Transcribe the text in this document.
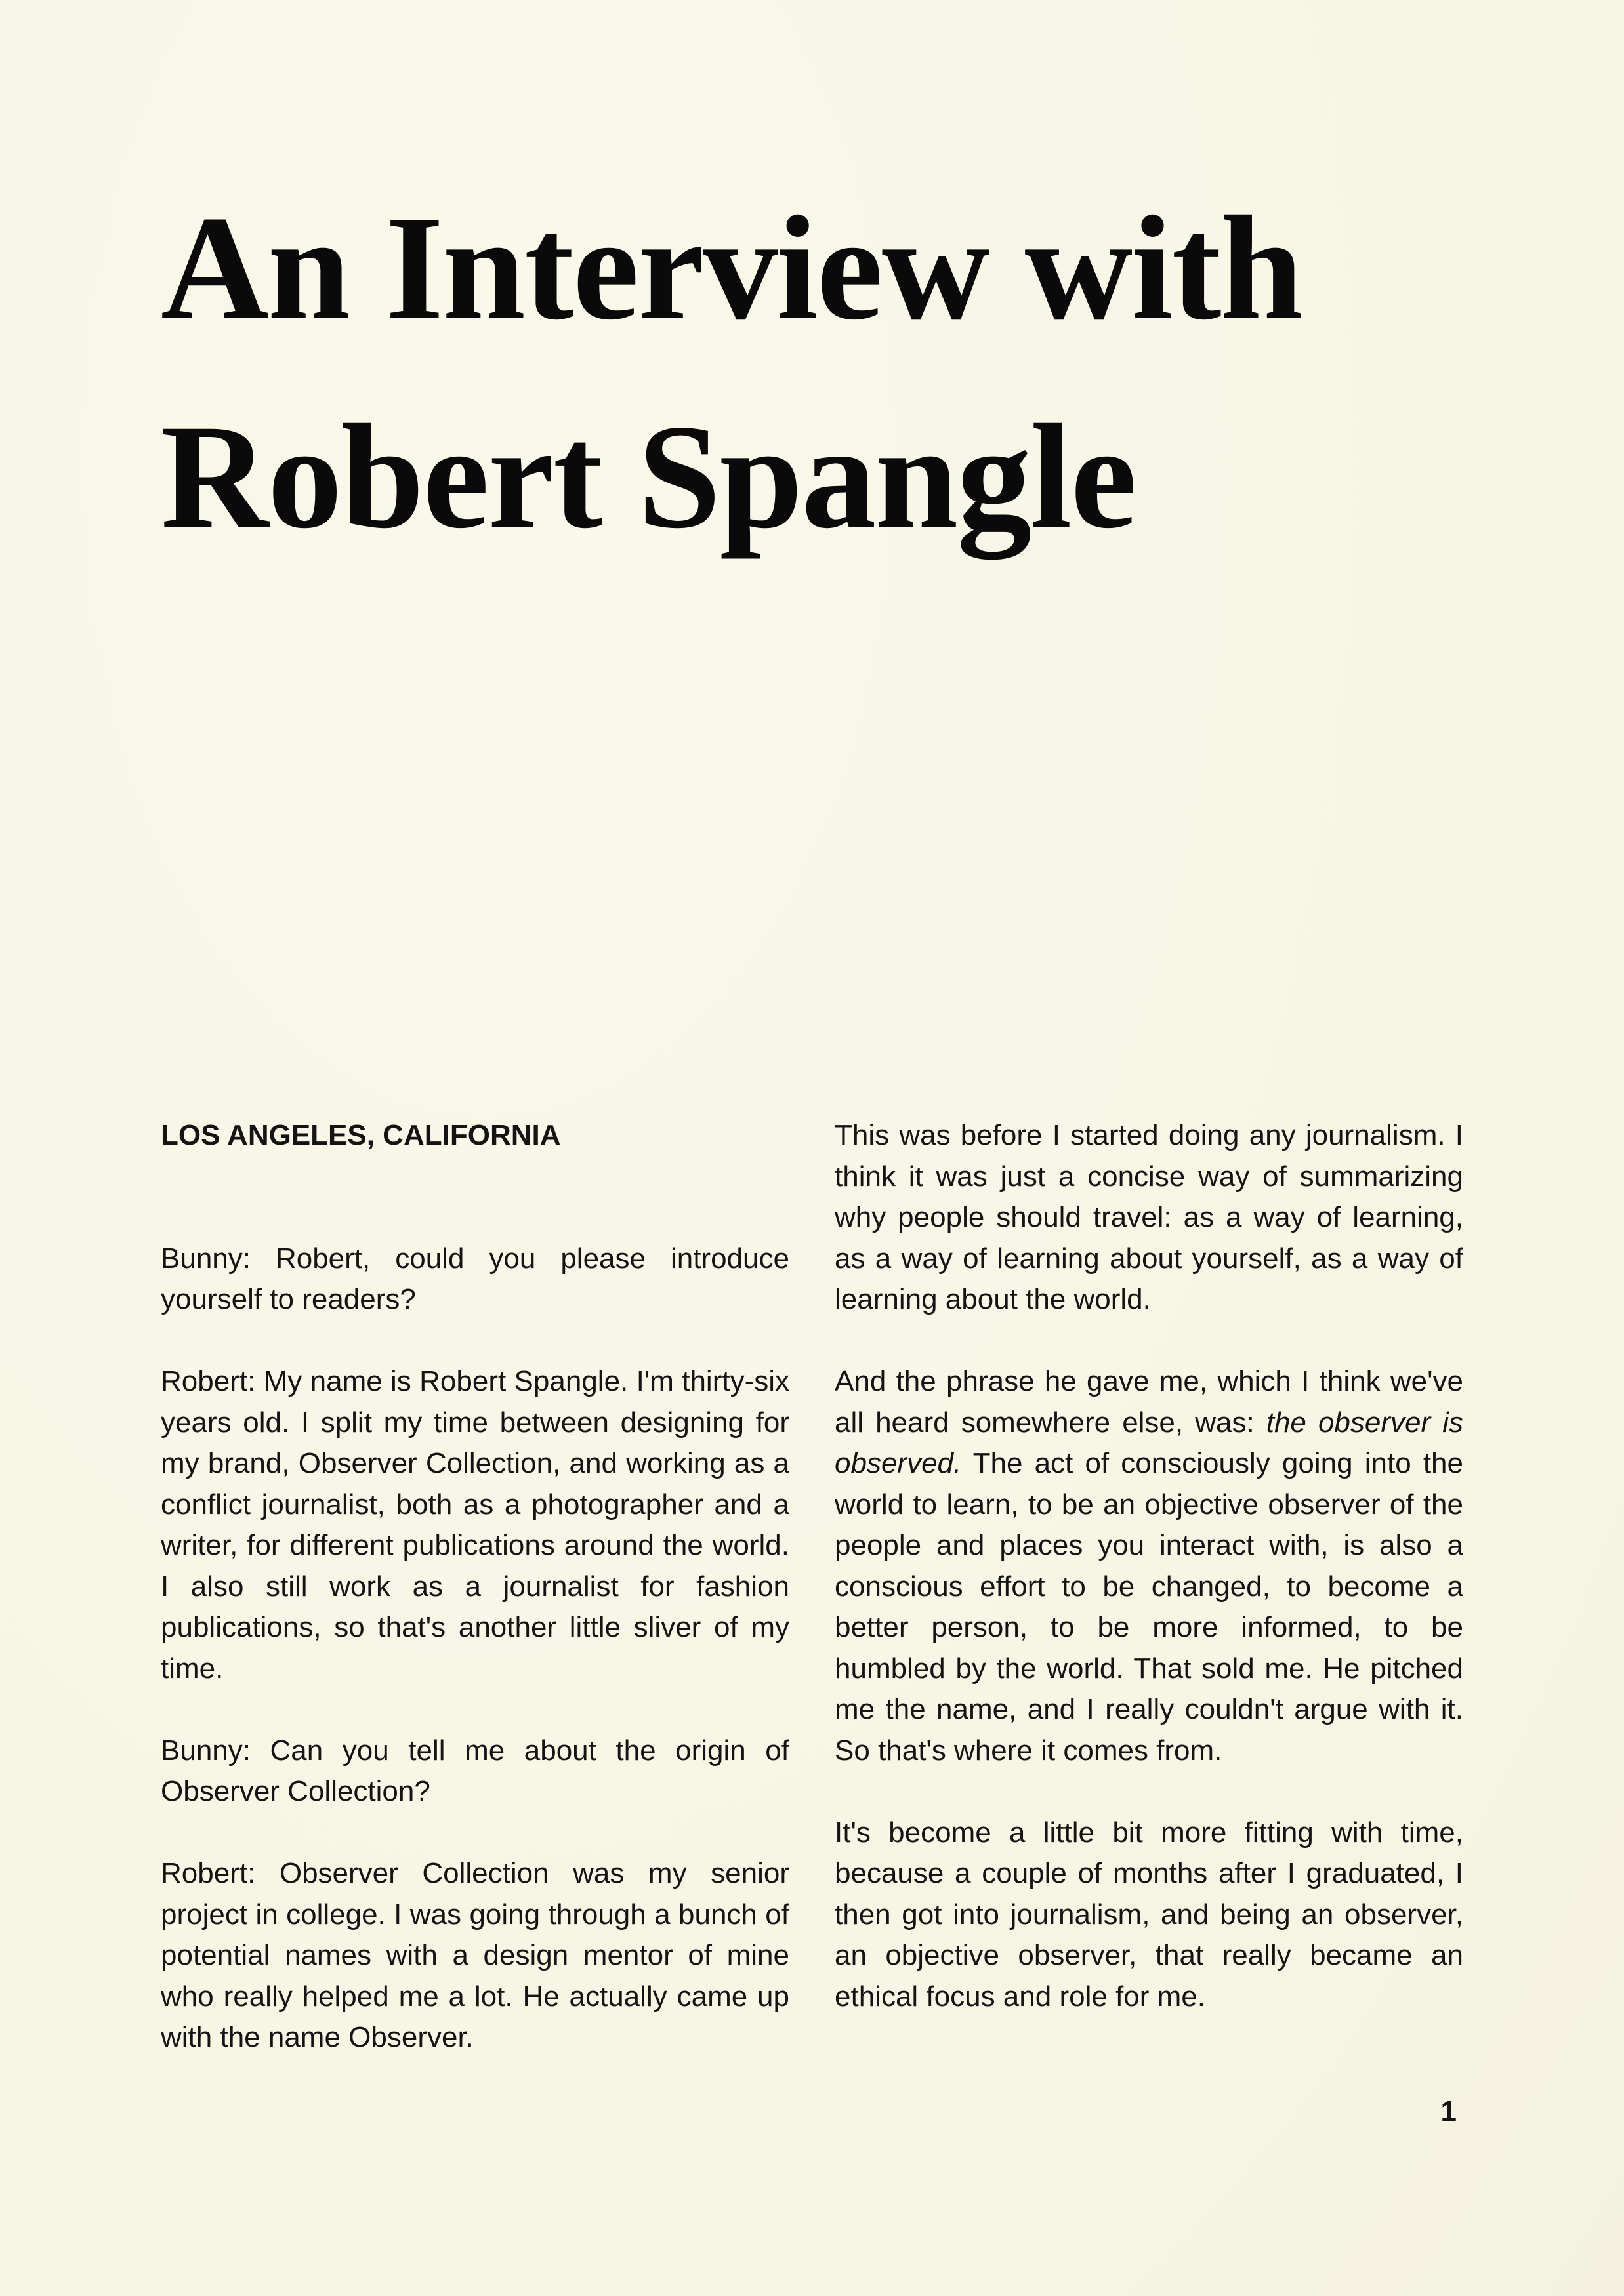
An Interview with
Robert Spangle

LOS ANGELES, CALIFORNIA

Bunny: Robert, could you please introduce yourself to readers?

Robert: My name is Robert Spangle. I'm thirty-six years old. I split my time between designing for my brand, Observer Collection, and working as a conflict journalist, both as a photographer and a writer, for different publications around the world. I also still work as a journalist for fashion publications, so that's another little sliver of my time.

Bunny: Can you tell me about the origin of Observer Collection?

Robert: Observer Collection was my senior project in college. I was going through a bunch of potential names with a design mentor of mine who really helped me a lot. He actually came up with the name Observer.

This was before I started doing any journalism. I think it was just a concise way of summarizing why people should travel: as a way of learning, as a way of learning about yourself, as a way of learning about the world.

And the phrase he gave me, which I think we've all heard somewhere else, was: the observer is observed. The act of consciously going into the world to learn, to be an objective observer of the people and places you interact with, is also a conscious effort to be changed, to become a better person, to be more informed, to be humbled by the world. That sold me. He pitched me the name, and I really couldn't argue with it. So that's where it comes from.

It's become a little bit more fitting with time, because a couple of months after I graduated, I then got into journalism, and being an observer, an objective observer, that really became an ethical focus and role for me.

1
